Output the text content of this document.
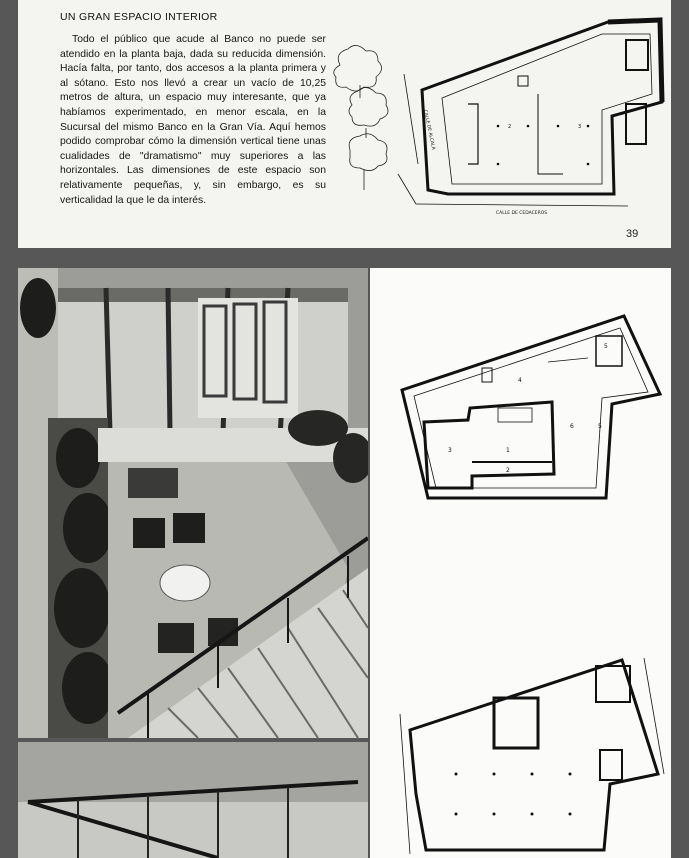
UN GRAN ESPACIO INTERIOR
Todo el público que acude al Banco no puede ser atendido en la planta baja, dada su reducida dimensión. Hacía falta, por tanto, dos accesos a la planta primera y al sótano. Esto nos llevó a crear un vacío de 10,25 metros de altura, un espacio muy interesante, que ya habíamos experimentado, en menor escala, en la Sucursal del mismo Banco en la Gran Vía. Aquí hemos podido comprobar cómo la dimensión vertical tiene unas cualidades de "dramatismo" muy superiores a las horizontales. Las dimensiones de este espacio son relativamente pequeñas, y, sin embargo, es su verticalidad la que le da interés.
39
CALLE DE ALCALA
CALLE DE CEDACEROS
2	3
1
2
3
4
5
5
6
